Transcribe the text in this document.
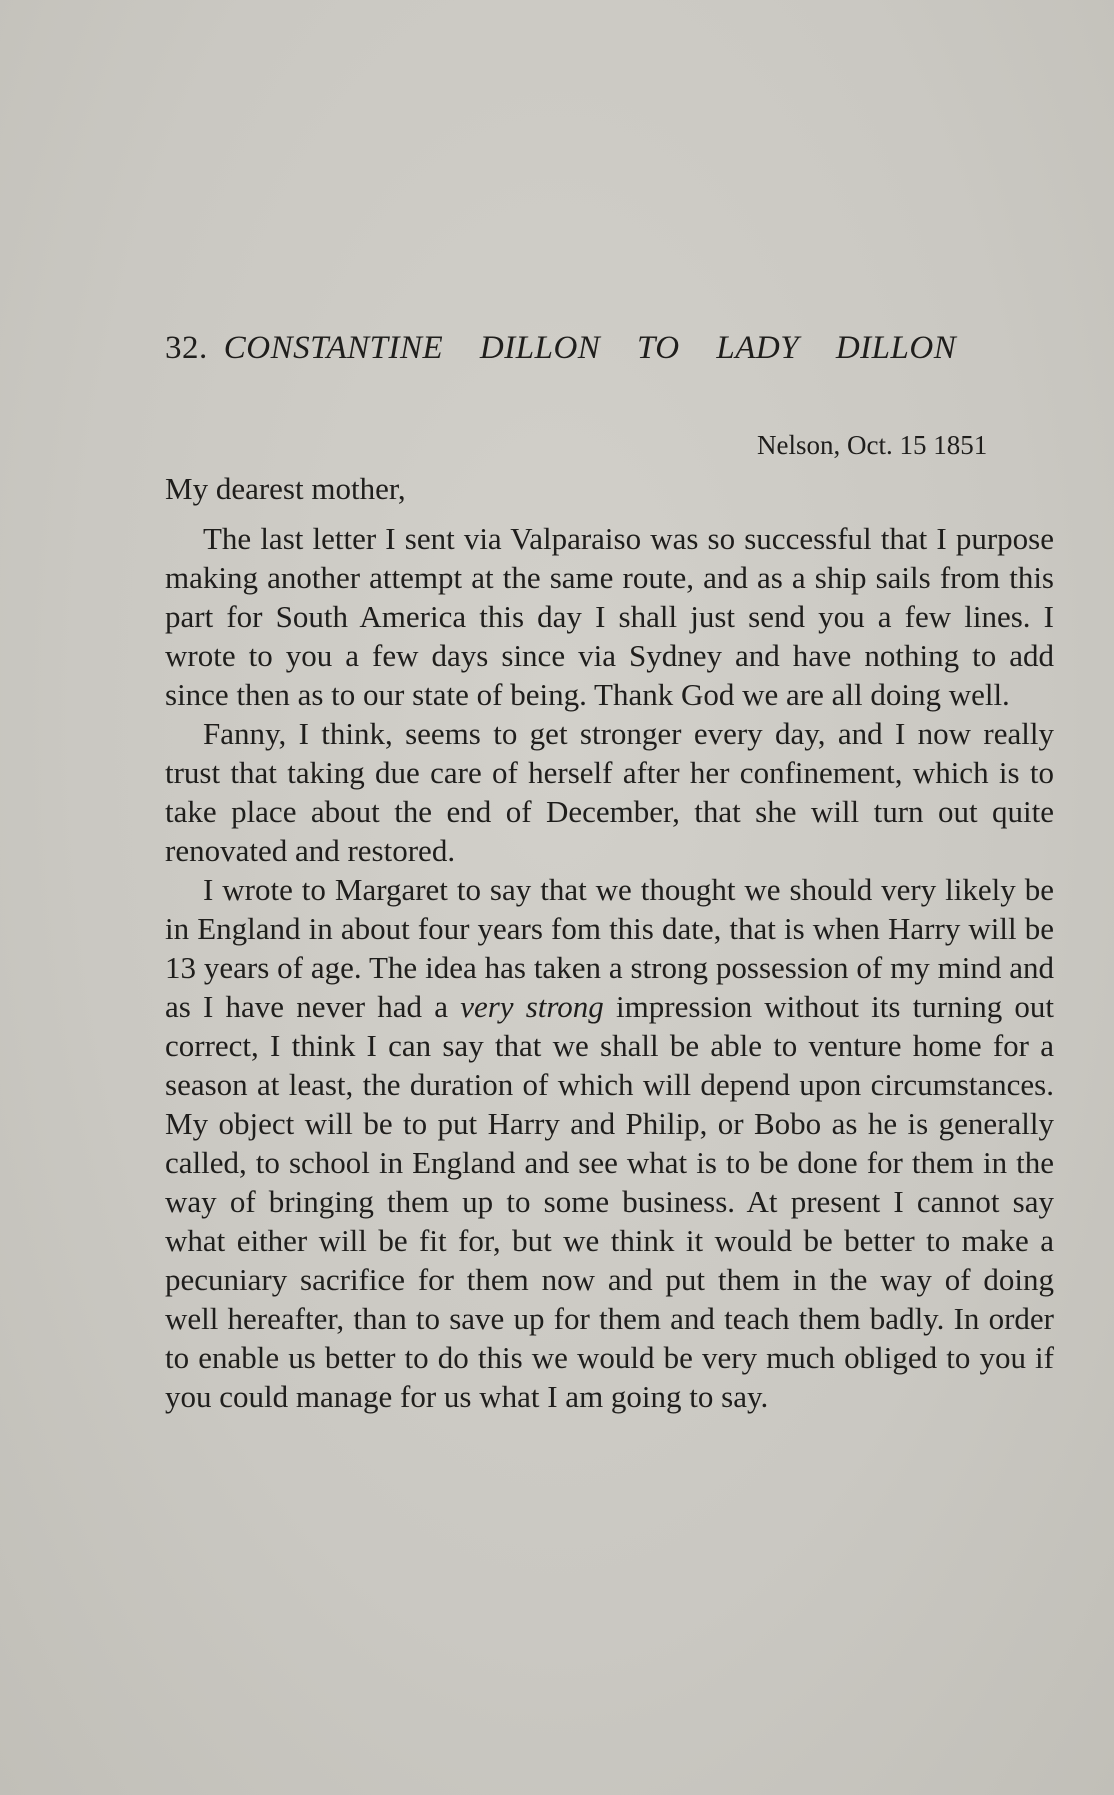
32. CONSTANTINE DILLON TO LADY DILLON
Nelson, Oct. 15 1851
My dearest mother,

The last letter I sent via Valparaiso was so successful that I purpose making another attempt at the same route, and as a ship sails from this part for South America this day I shall just send you a few lines. I wrote to you a few days since via Sydney and have nothing to add since then as to our state of being. Thank God we are all doing well.

Fanny, I think, seems to get stronger every day, and I now really trust that taking due care of herself after her confinement, which is to take place about the end of December, that she will turn out quite renovated and restored.

I wrote to Margaret to say that we thought we should very likely be in England in about four years fom this date, that is when Harry will be 13 years of age. The idea has taken a strong possession of my mind and as I have never had a very strong impression without its turning out correct, I think I can say that we shall be able to venture home for a season at least, the duration of which will depend upon circumstances. My object will be to put Harry and Philip, or Bobo as he is generally called, to school in England and see what is to be done for them in the way of bringing them up to some business. At present I cannot say what either will be fit for, but we think it would be better to make a pecuniary sacrifice for them now and put them in the way of doing well hereafter, than to save up for them and teach them badly. In order to enable us better to do this we would be very much obliged to you if you could manage for us what I am going to say.
